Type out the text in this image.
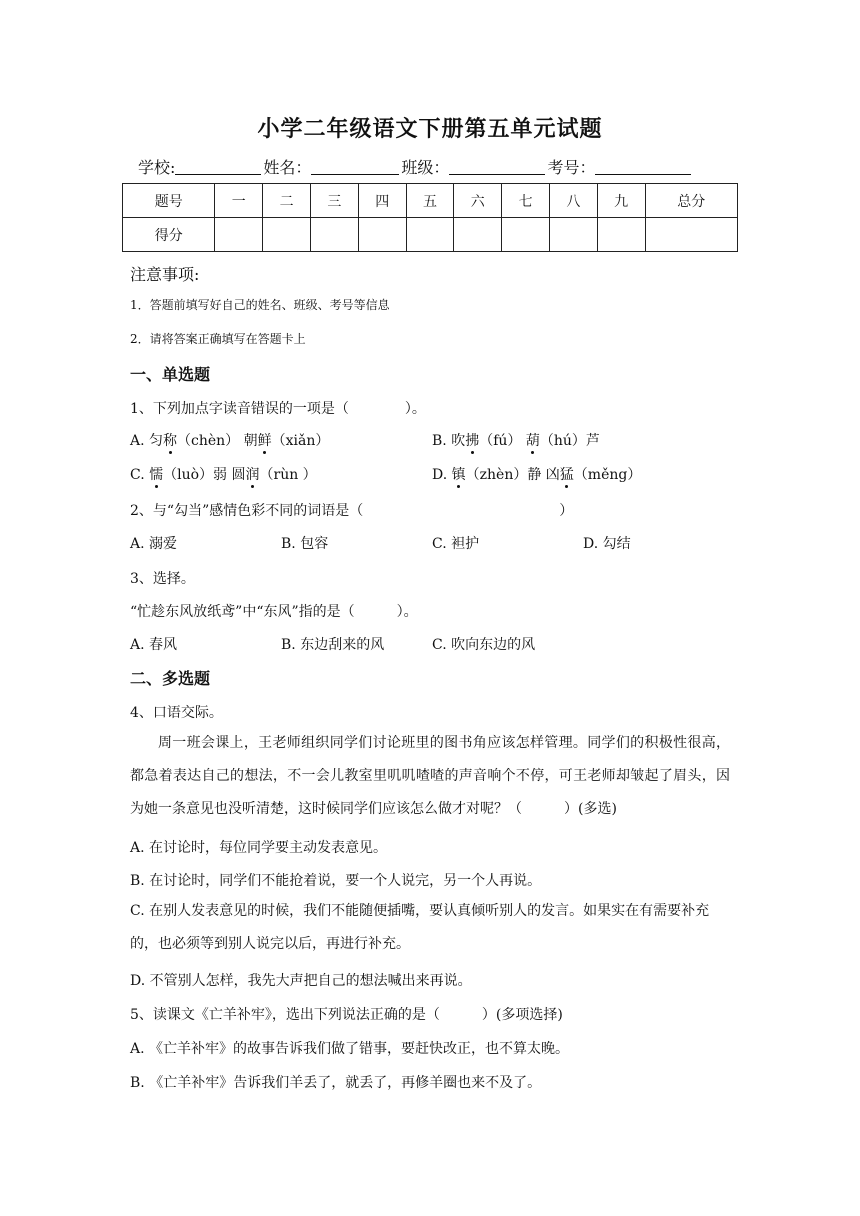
小学二年级语文下册第五单元试题
学校:	姓名：	班级：	考号：
题号	一	二	三	四	五	六	七	八	九	总分
得分										
注意事项:
1．答题前填写好自己的姓名、班级、考号等信息
2．请将答案正确填写在答题卡上
一、单选题
1、下列加点字读音错误的一项是（　　　　）。
A. 匀称（chèn） 朝鲜（xiǎn）	B. 吹拂（fú） 葫（hú）芦
C. 懦（luò）弱 圆润（rùn ）	D. 镇（zhèn）静 凶猛（měng）
2、与“勾当”感情色彩不同的词语是（　　　　　　　　　　　　　　）
A. 溺爱	B. 包容	C. 袒护	D. 勾结
3、选择。
“忙趁东风放纸鸢”中“东风”指的是（　　　）。
A. 春风	B. 东边刮来的风	C. 吹向东边的风
二、多选题
4、口语交际。
周一班会课上，王老师组织同学们讨论班里的图书角应该怎样管理。同学们的积极性很高，都急着表达自己的想法，不一会儿教室里叽叽喳喳的声音响个不停，可王老师却皱起了眉头，因为她一条意见也没听清楚，这时候同学们应该怎么做才对呢？（　　　）(多选)
A. 在讨论时，每位同学要主动发表意见。
B. 在讨论时，同学们不能抢着说，要一个人说完，另一个人再说。
C. 在别人发表意见的时候，我们不能随便插嘴，要认真倾听别人的发言。如果实在有需要补充的，也必须等到别人说完以后，再进行补充。
D. 不管别人怎样，我先大声把自己的想法喊出来再说。
5、读课文《亡羊补牢》，选出下列说法正确的是（　　　）(多项选择)
A. 《亡羊补牢》的故事告诉我们做了错事，要赶快改正，也不算太晚。
B. 《亡羊补牢》告诉我们羊丢了，就丢了，再修羊圈也来不及了。
